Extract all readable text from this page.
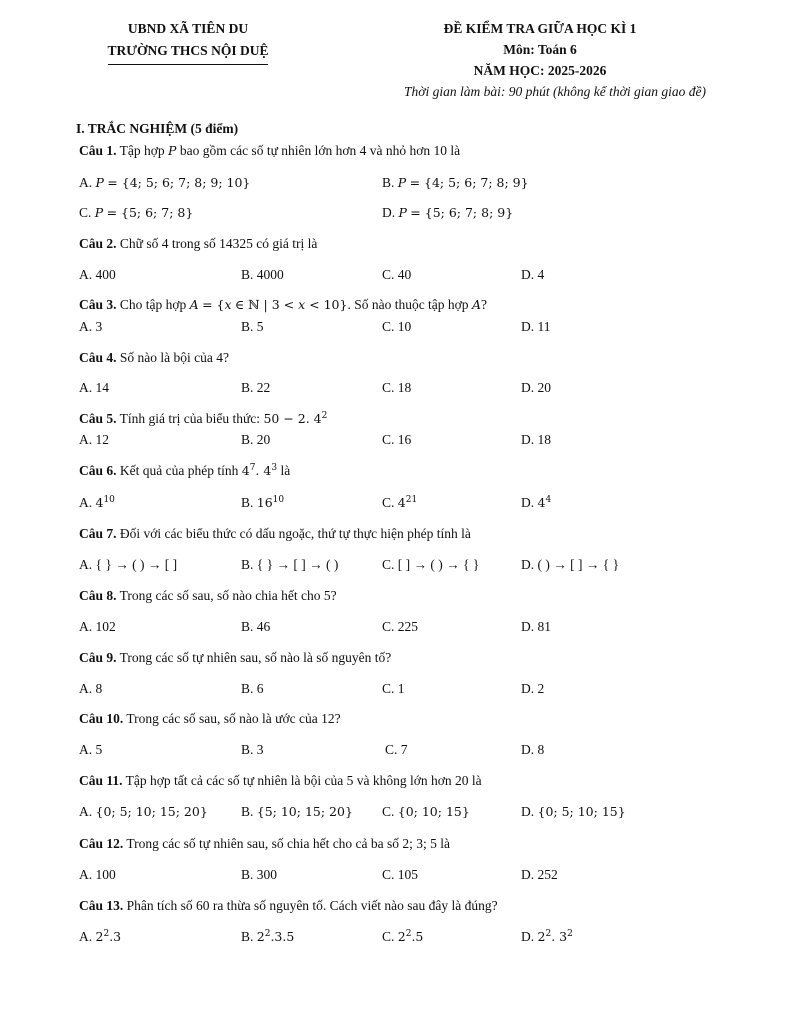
UBND XÃ TIÊN DU
TRƯỜNG THCS NỘI DUỆ
ĐỀ KIỂM TRA GIỮA HỌC KÌ 1
Môn: Toán 6
NĂM HỌC: 2025-2026
Thời gian làm bài: 90 phút (không kể thời gian giao đề)
I. TRẮC NGHIỆM (5 điểm)
Câu 1. Tập hợp P bao gồm các số tự nhiên lớn hơn 4 và nhỏ hơn 10 là
A. P = {4; 5; 6; 7; 8; 9; 10}	B. P = {4; 5; 6; 7; 8; 9}
C. P = {5; 6; 7; 8}	D. P = {5; 6; 7; 8; 9}
Câu 2. Chữ số 4 trong số 14325 có giá trị là
A. 400	B. 4000	C. 40	D. 4
Câu 3. Cho tập hợp A = {x ∈ ℕ | 3 < x < 10}. Số nào thuộc tập hợp A?
A. 3	B. 5	C. 10	D. 11
Câu 4. Số nào là bội của 4?
A. 14	B. 22	C. 18	D. 20
Câu 5. Tính giá trị của biểu thức: 50 − 2. $4^2$
A. 12	B. 20	C. 16	D. 18
Câu 6. Kết quả của phép tính $4^7$. $4^3$ là
A. $4^{10}$	B. $16^{10}$	C. $4^{21}$	D. $4^4$
Câu 7. Đối với các biểu thức có dấu ngoặc, thứ tự thực hiện phép tính là
A. { } → ( ) → [ ]	B. { } → [ ] → ( )	C. [ ] → ( ) → { }	D. ( ) → [ ] → { }
Câu 8. Trong các số sau, số nào chia hết cho 5?
A. 102	B. 46	C. 225	D. 81
Câu 9. Trong các số tự nhiên sau, số nào là số nguyên tố?
A. 8	B. 6	C. 1	D. 2
Câu 10. Trong các số sau, số nào là ước của 12?
A. 5	B. 3	C. 7	D. 8
Câu 11. Tập hợp tất cả các số tự nhiên là bội của 5 và không lớn hơn 20 là
A. {0; 5; 10; 15; 20} B. {5; 10; 15; 20} C. {0; 10; 15}	D. {0; 5; 10; 15}
Câu 12. Trong các số tự nhiên sau, số chia hết cho cả ba số 2; 3; 5 là
A. 100	B. 300	C. 105	D. 252
Câu 13. Phân tích số 60 ra thừa số nguyên tố. Cách viết nào sau đây là đúng?
A. $2^2.3$	B. $2^2.3.5$	C. $2^2.5$	D. $2^2$. $3^2$
